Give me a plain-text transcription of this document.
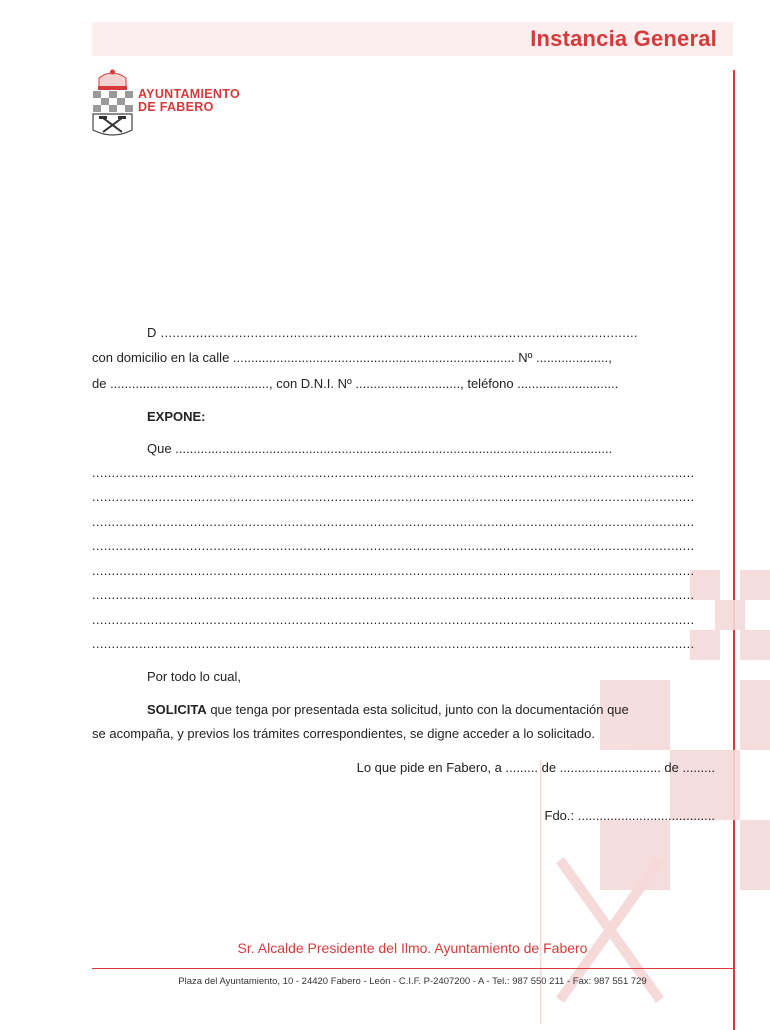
Instancia General
AYUNTAMIENTO
DE FABERO
D ..........................................................................................................................
con domicilio en la calle .............................................................................. Nº ....................,
de ............................................, con D.N.I. Nº ............................., teléfono ............................
EXPONE:
Que .........................................................................................................................
..........................................................................................................................................................
..........................................................................................................................................................
..........................................................................................................................................................
..........................................................................................................................................................
..........................................................................................................................................................
..........................................................................................................................................................
..........................................................................................................................................................
..........................................................................................................................................................
Por todo lo cual,
SOLICITA que tenga por presentada esta solicitud, junto con la documentación que
se acompaña, y previos los trámites correspondientes, se digne acceder a lo solicitado.
Lo que pide en Fabero, a ......... de ............................ de .........
Fdo.: ......................................
Sr. Alcalde Presidente del Ilmo. Ayuntamiento de Fabero
Plaza del Ayuntamiento, 10 - 24420 Fabero - León - C.I.F. P-2407200 - A - Tel.: 987 550 211 - Fax: 987 551 729
